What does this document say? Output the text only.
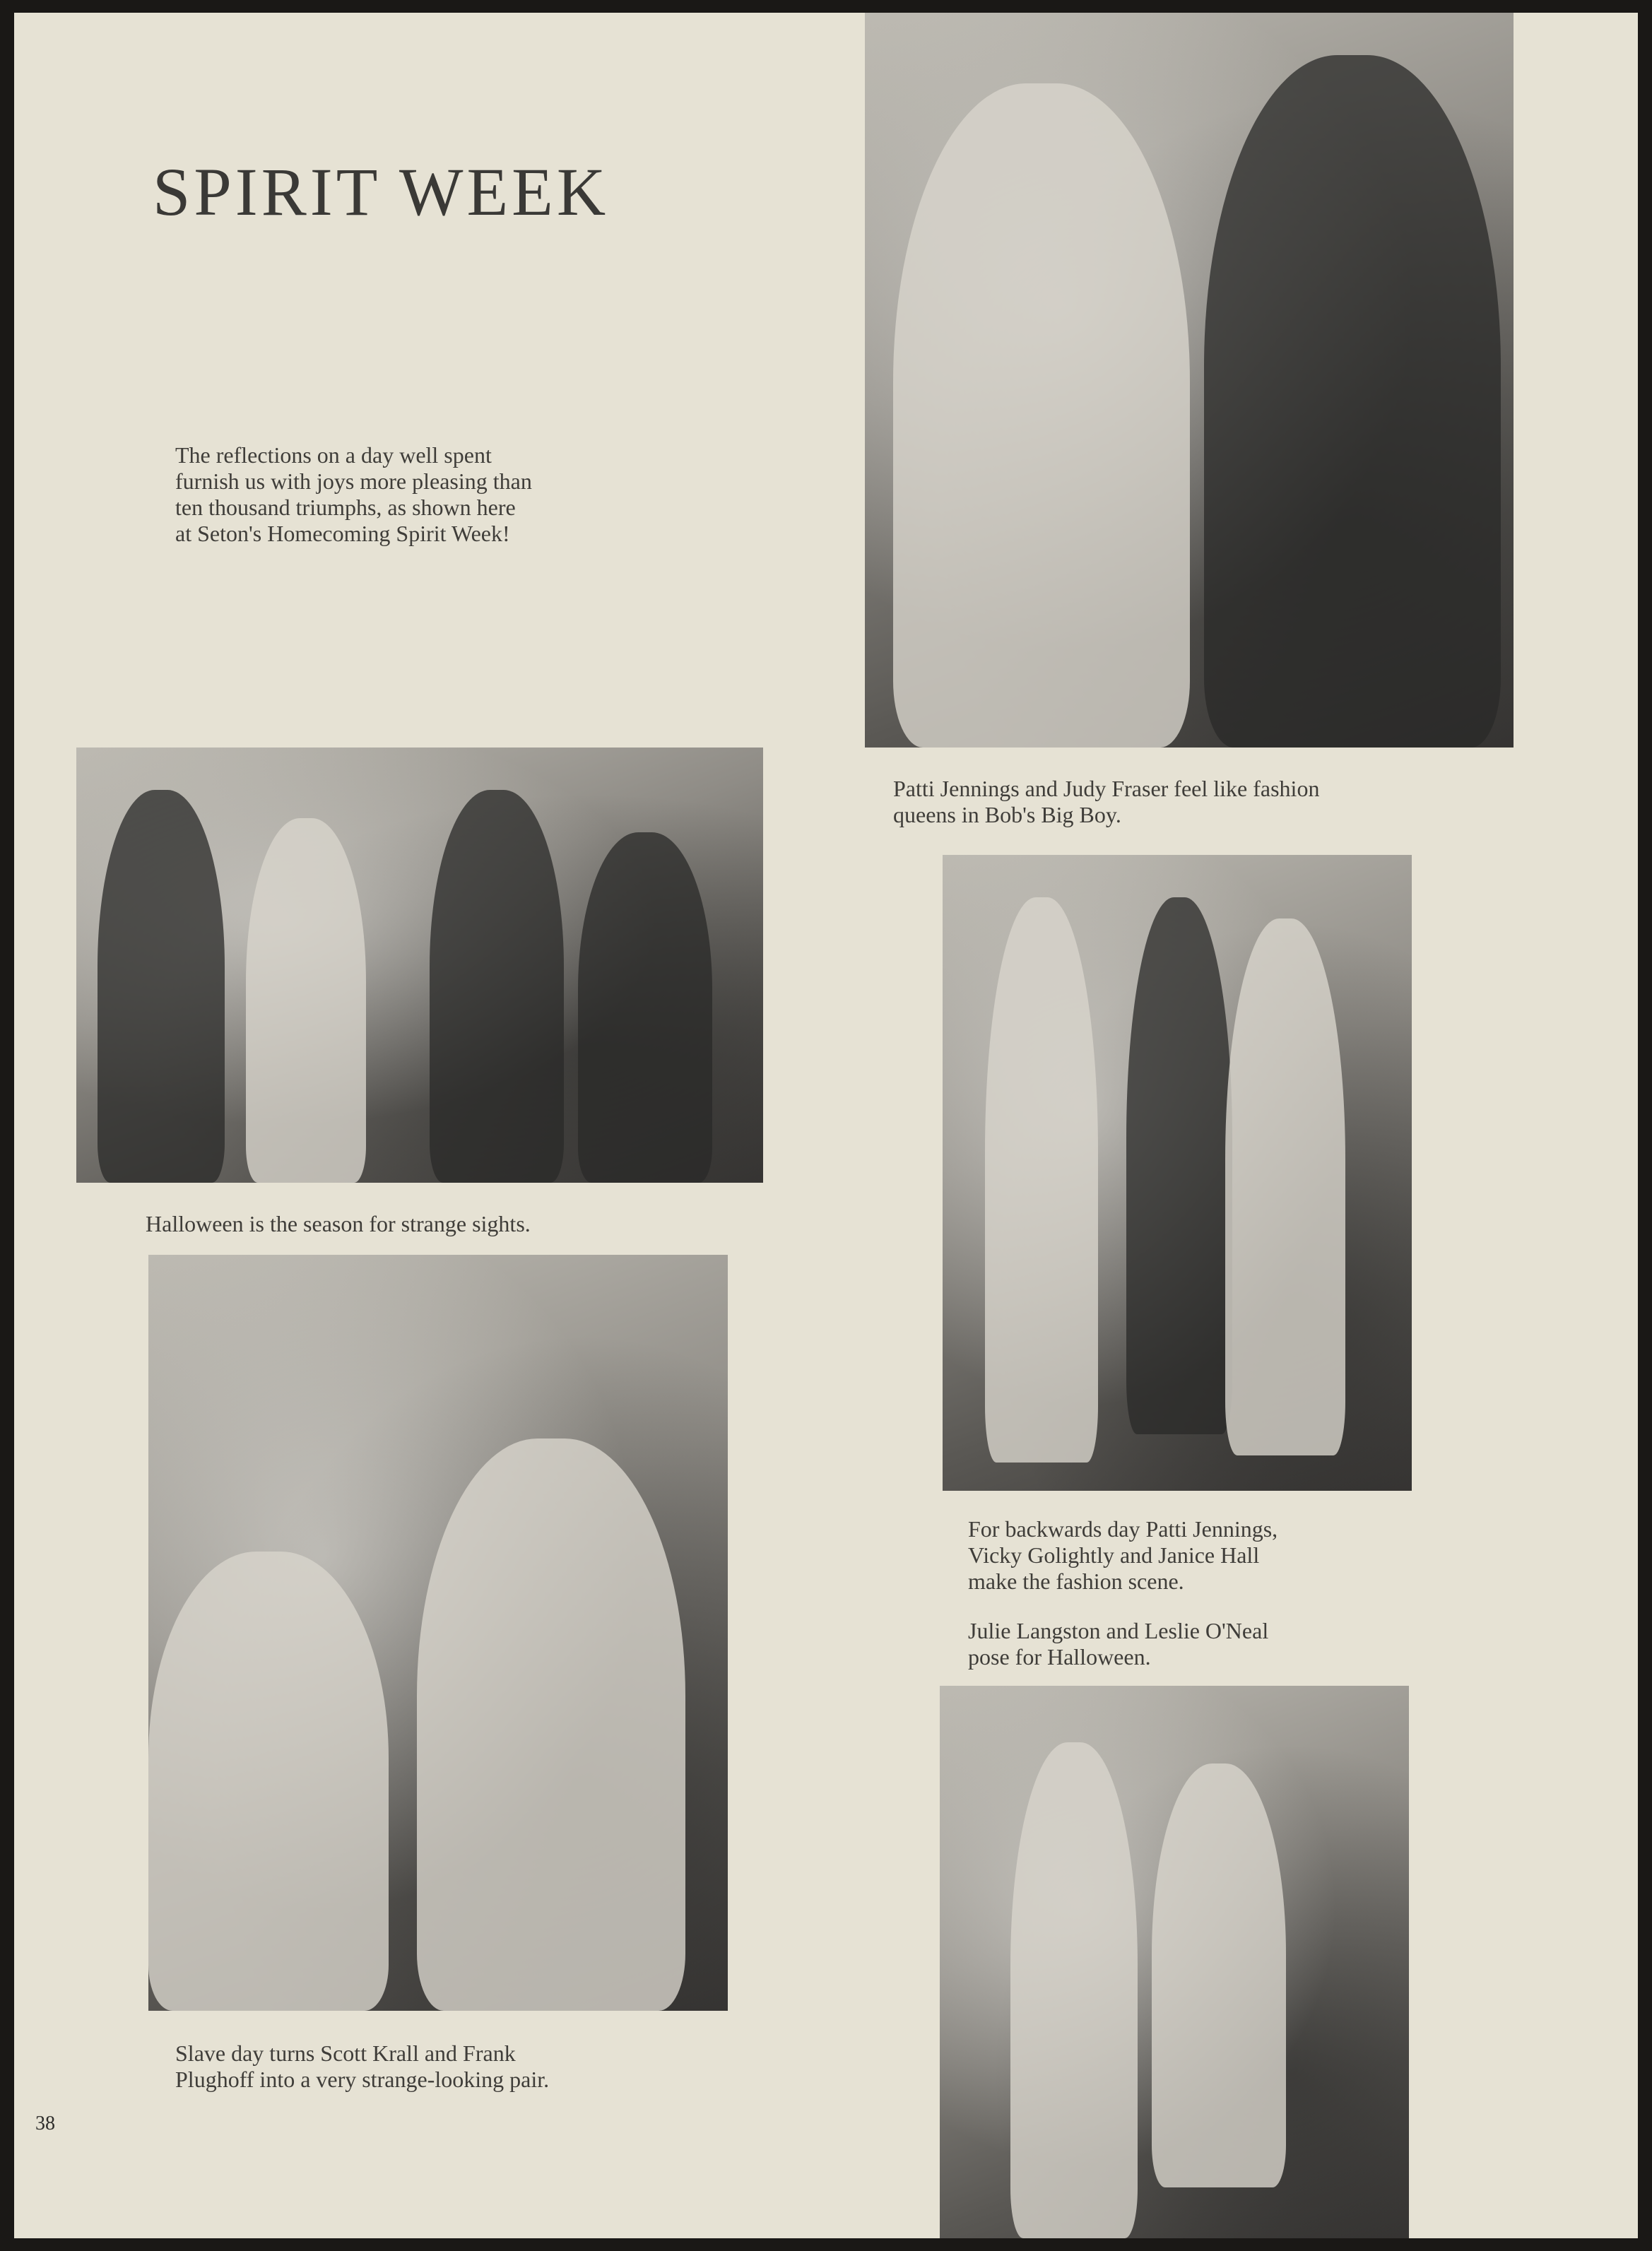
SPIRIT WEEK
The reflections on a day well spent
furnish us with joys more pleasing than
ten thousand triumphs, as shown here
at Seton's Homecoming Spirit Week!
Patti Jennings and Judy Fraser feel like fashion
queens in Bob's Big Boy.
Halloween is the season for strange sights.
For backwards day Patti Jennings,
Vicky Golightly and Janice Hall
make the fashion scene.
Julie Langston and Leslie O'Neal
pose for Halloween.
Slave day turns Scott Krall and Frank
Plughoff into a very strange-looking pair.
38
